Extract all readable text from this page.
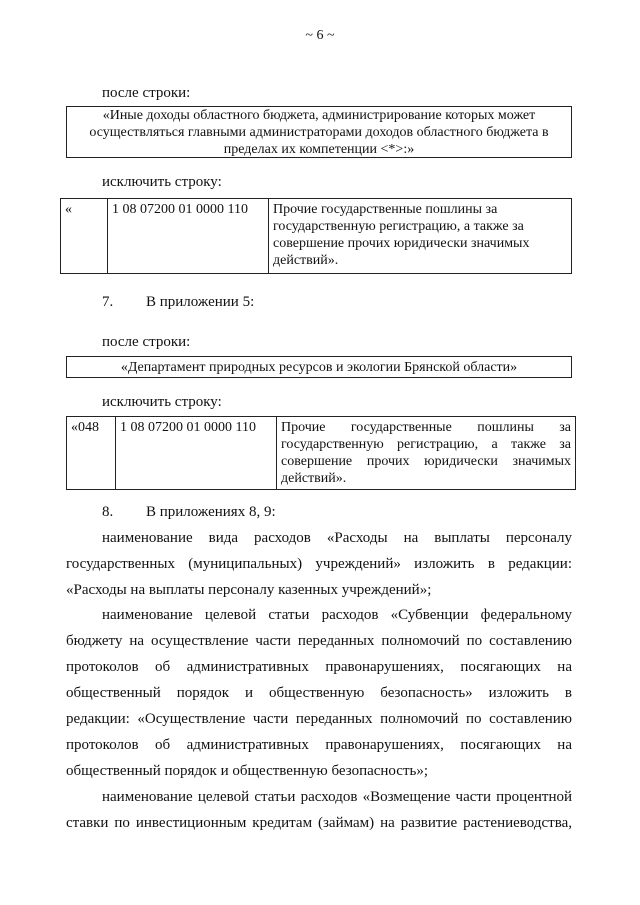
~ 6 ~
после строки:
«Иные доходы областного бюджета, администрирование которых может
осуществляться главными администраторами доходов областного бюджета в
пределах их компетенции <*>:»
исключить строку:
«	1 08 07200 01 0000 110	Прочие государственные пошлины за
государственную регистрацию, а также за
совершение прочих юридически значимых
действий».
7. В приложении 5:
после строки:
«Департамент природных ресурсов и экологии Брянской области»
исключить строку:
«048	1 08 07200 01 0000 110	Прочие государственные пошлины за
государственную регистрацию, а также за
совершение прочих юридически значимых
действий».
8. В приложениях 8, 9:
наименование вида расходов «Расходы на выплаты персоналу
государственных (муниципальных) учреждений» изложить в редакции:
«Расходы на выплаты персоналу казенных учреждений»;
наименование целевой статьи расходов «Субвенции федеральному
бюджету на осуществление части переданных полномочий по составлению
протоколов об административных правонарушениях, посягающих на
общественный порядок и общественную безопасность» изложить в
редакции: «Осуществление части переданных полномочий по составлению
протоколов об административных правонарушениях, посягающих на
общественный порядок и общественную безопасность»;
наименование целевой статьи расходов «Возмещение части процентной
ставки по инвестиционным кредитам (займам) на развитие растениеводства,
